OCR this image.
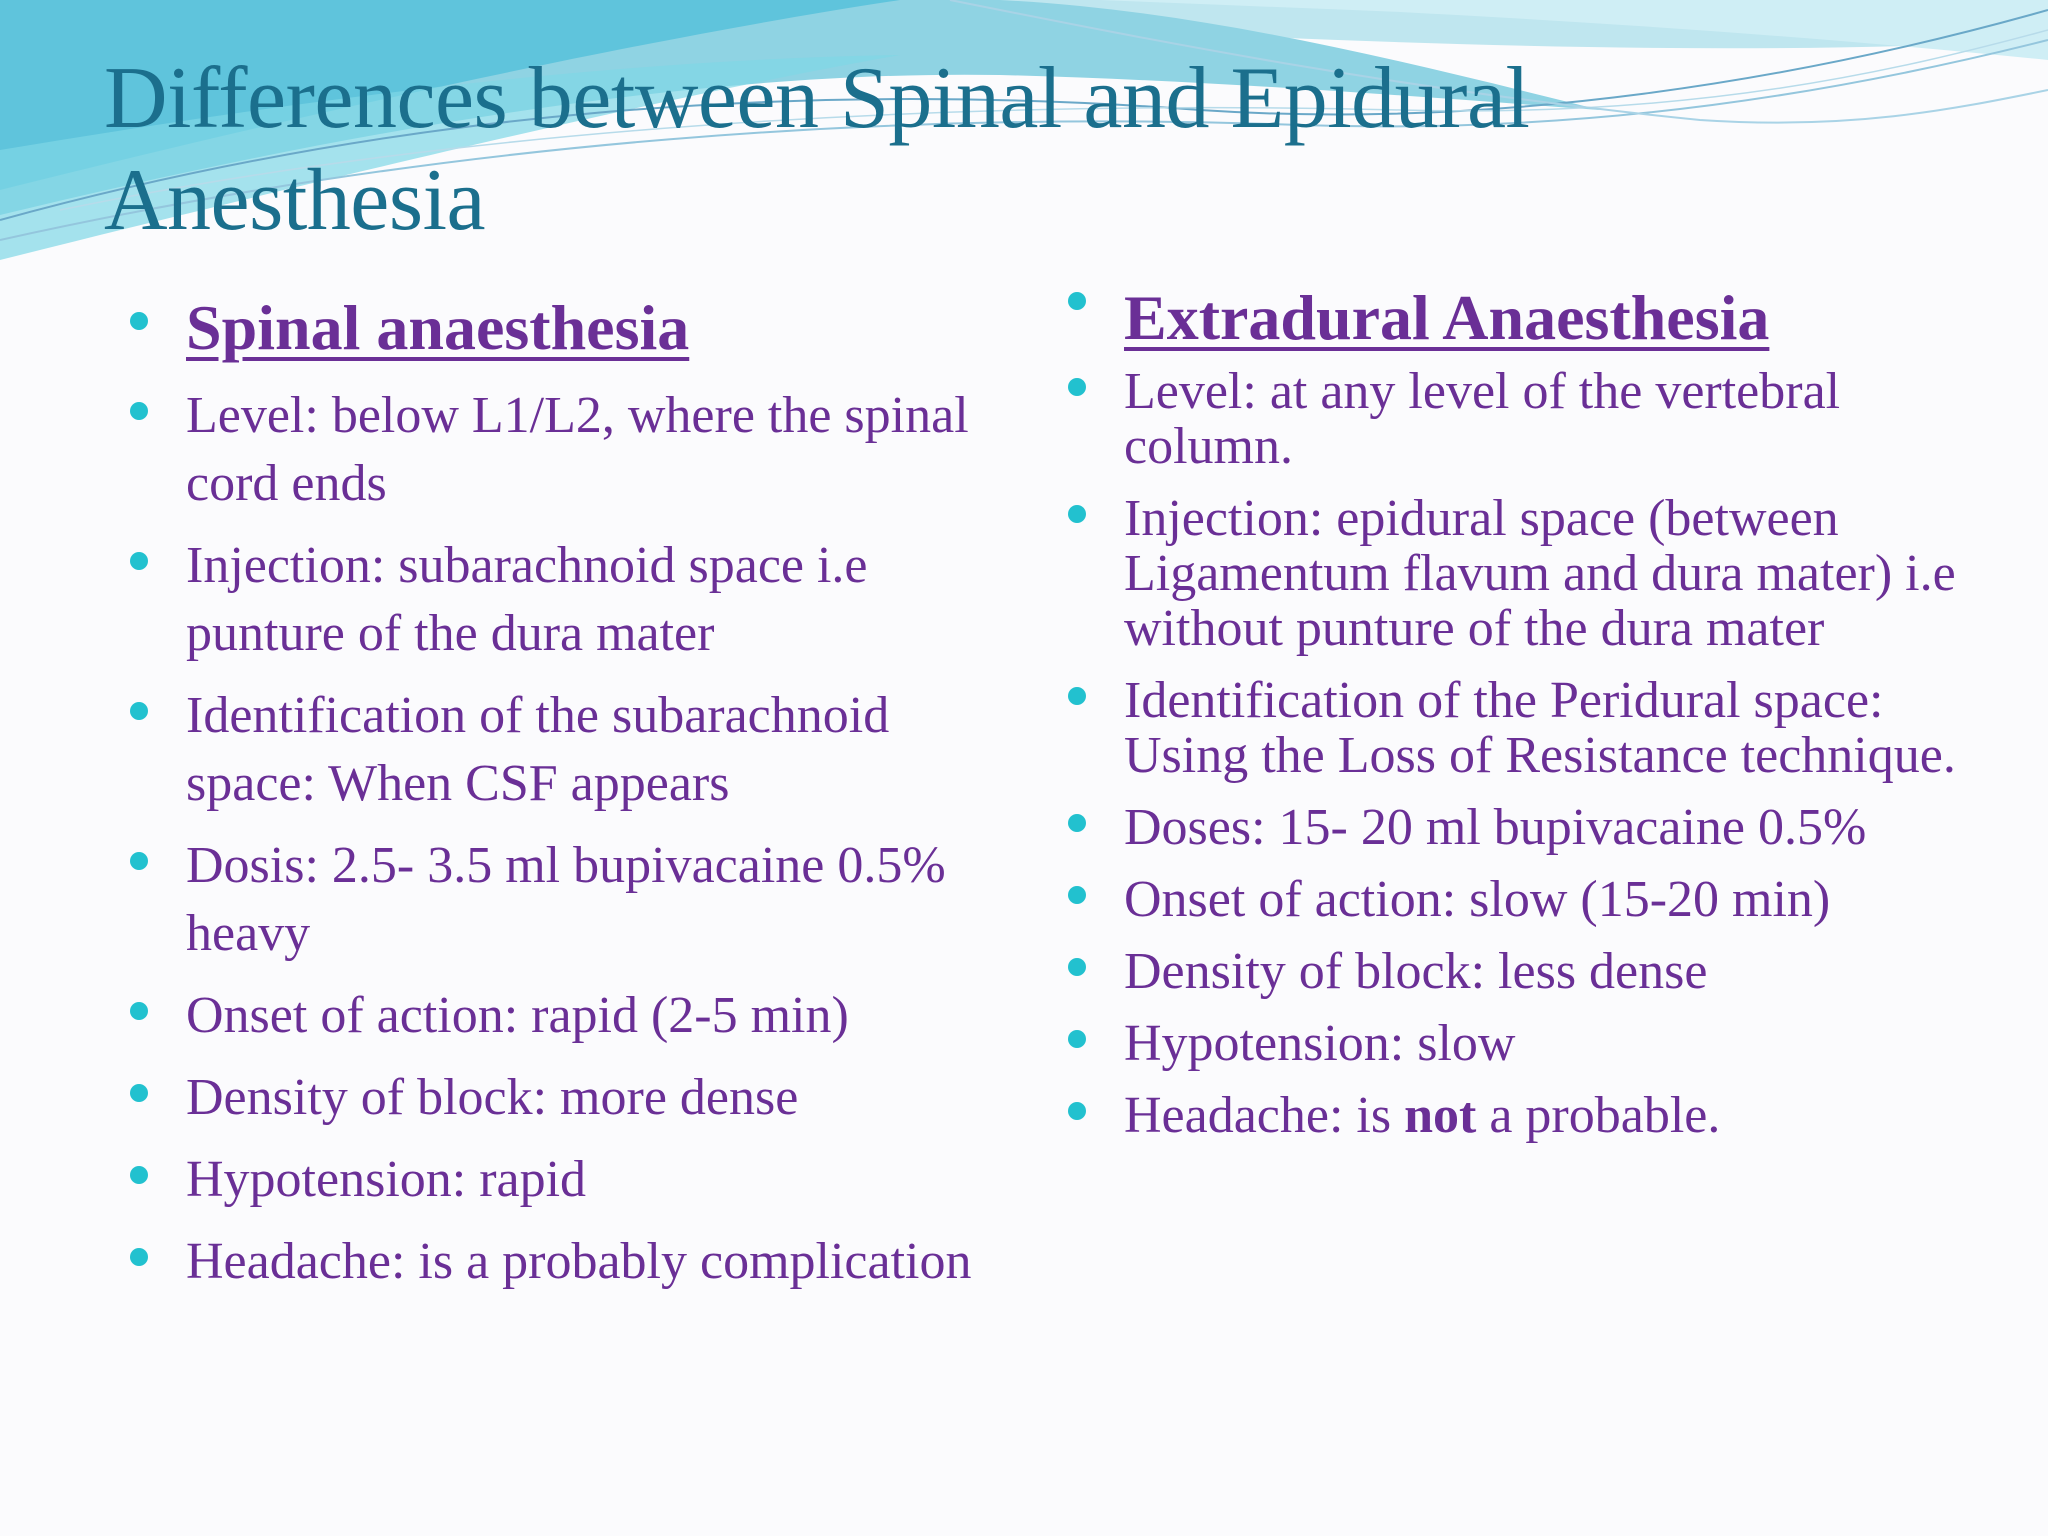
Differences between Spinal and Epidural Anesthesia
Spinal anaesthesia
Level: below L1/L2, where the spinal cord ends
Injection: subarachnoid space i.e punture of the dura mater
Identification of the subarachnoid space: When CSF appears
Dosis: 2.5- 3.5 ml bupivacaine 0.5% heavy
Onset of action: rapid (2-5 min)
Density of block: more dense
Hypotension: rapid
Headache: is a probably complication
Extradural Anaesthesia
Level: at any level of the vertebral column.
Injection: epidural space (between Ligamentum flavum and dura mater) i.e without punture of the dura mater
Identification of the Peridural space: Using the Loss of Resistance technique.
Doses: 15- 20 ml bupivacaine 0.5%
Onset of action: slow (15-20 min)
Density of block: less dense
Hypotension: slow
Headache: is not a probable.
